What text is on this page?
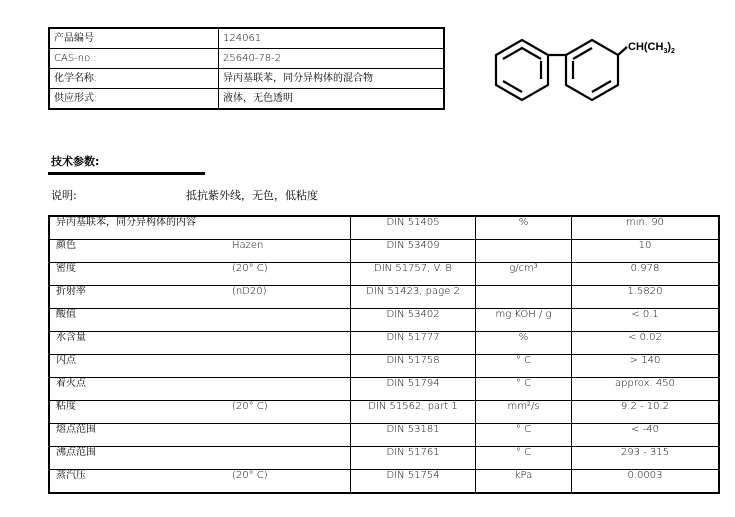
产品编号	124061
CAS-no.:	25640-78-2
化学名称:	异丙基联苯，同分异构体的混合物
供应形式:	液体，无色透明
$CH(CH_3)_2$
技术参数:
说明:	抵抗紫外线，无色，低粘度
异丙基联苯，同分异构体的内容		DIN 51405	%	min. 90
颜色	Hazen	DIN 53409		10
密度	(20° C)	DIN 51757, V. B	g/cm³	0.978
折射率	(nD20)	DIN 51423, page 2		1.5820
酸值		DIN 53402	mg KOH / g	< 0.1
水含量		DIN 51777	%	< 0.02
闪点		DIN 51758	° C	> 140
着火点		DIN 51794	° C	approx. 450
粘度	(20° C)	DIN 51562, part 1	mm²/s	9.2 - 10.2
熔点范围		DIN 53181	° C	< -40
沸点范围		DIN 51761	° C	293 - 315
蒸汽压	(20° C)	DIN 51754	kPa	0.0003
